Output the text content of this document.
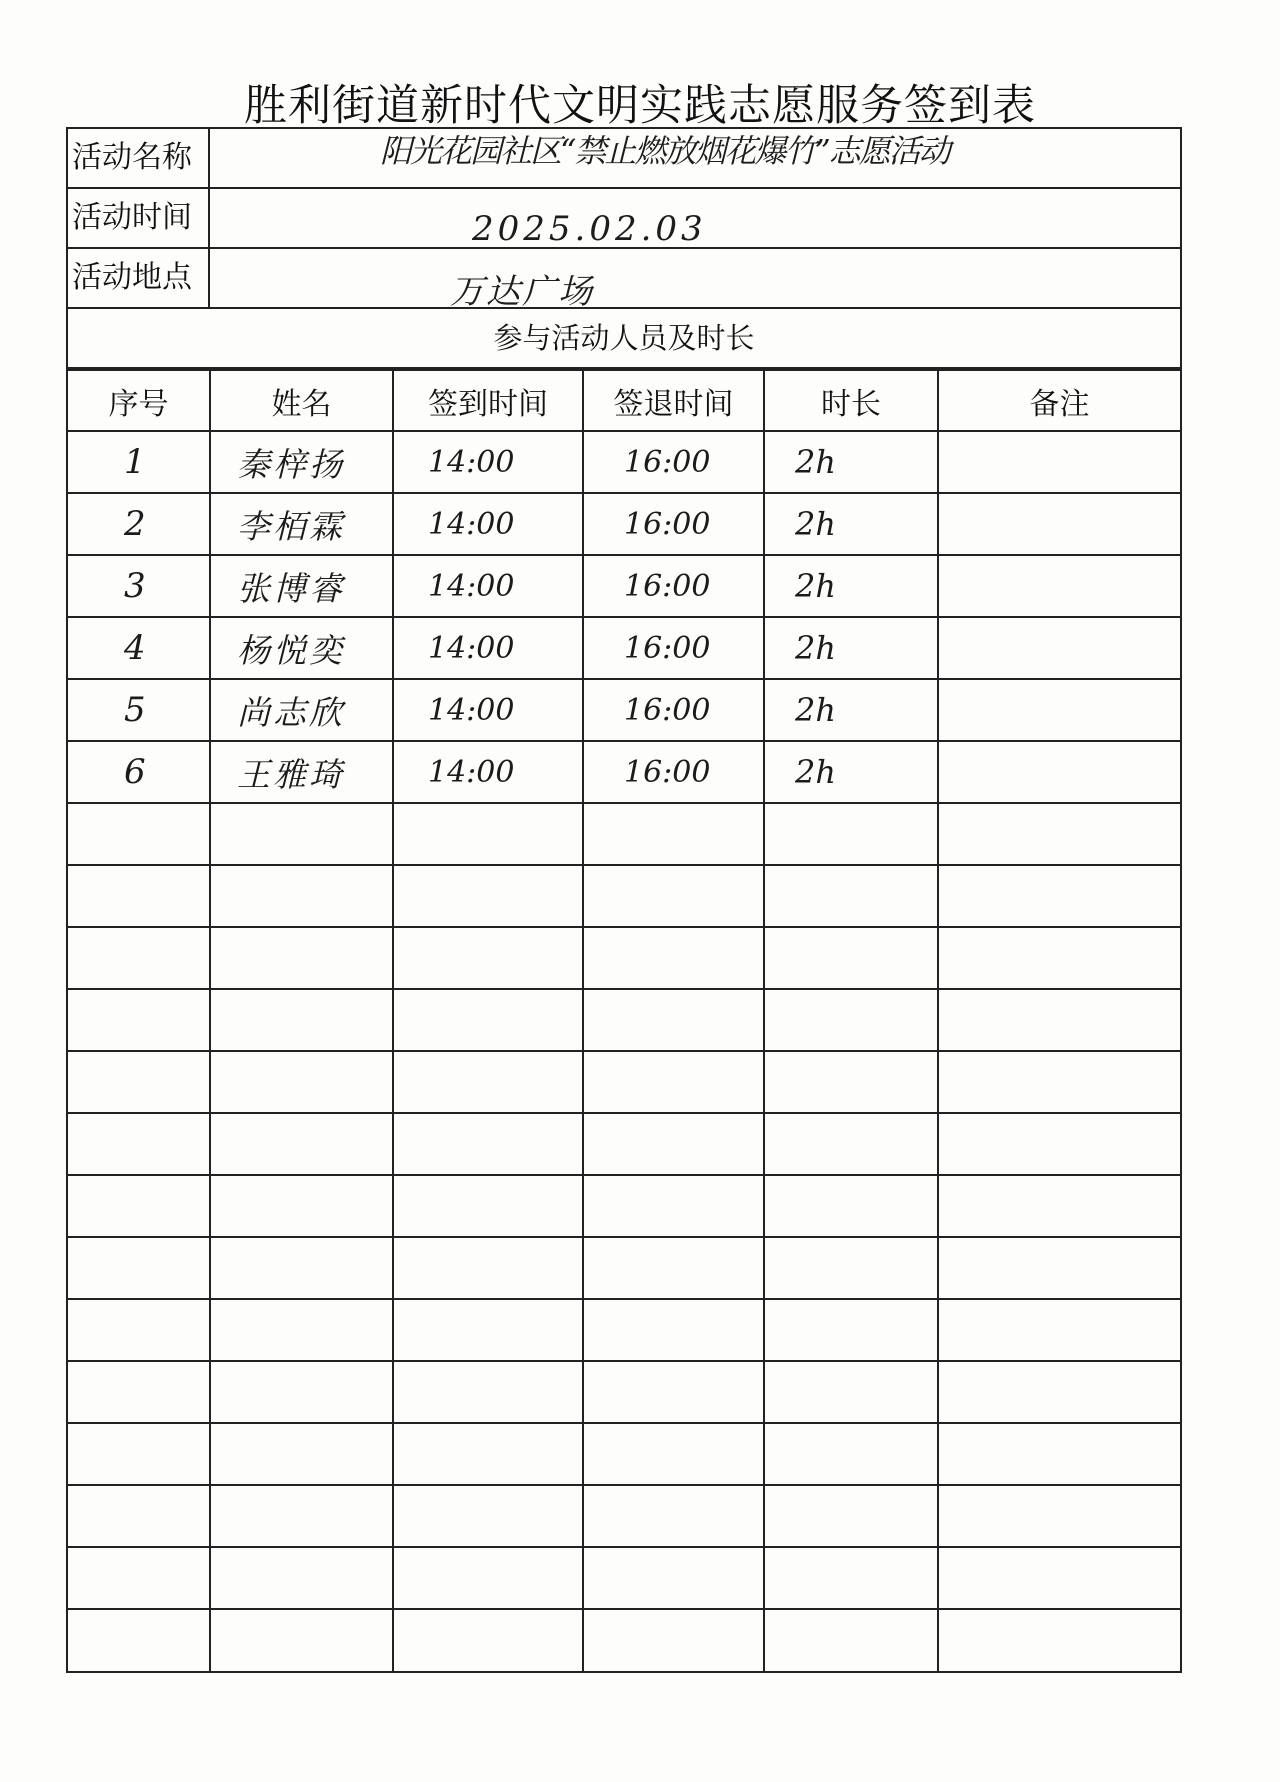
胜利街道新时代文明实践志愿服务签到表
活动名称	阳光花园社区“禁止燃放烟花爆竹”志愿活动
活动时间	2025.02.03
活动地点	万达广场
参与活动人员及时长
序号	姓名	签到时间	签退时间	时长	备注
1	秦梓扬	14:00	16:00	2h	
2	李栢霖	14:00	16:00	2h	
3	张博睿	14:00	16:00	2h	
4	杨悦奕	14:00	16:00	2h	
5	尚志欣	14:00	16:00	2h	
6	王雅琦	14:00	16:00	2h	
